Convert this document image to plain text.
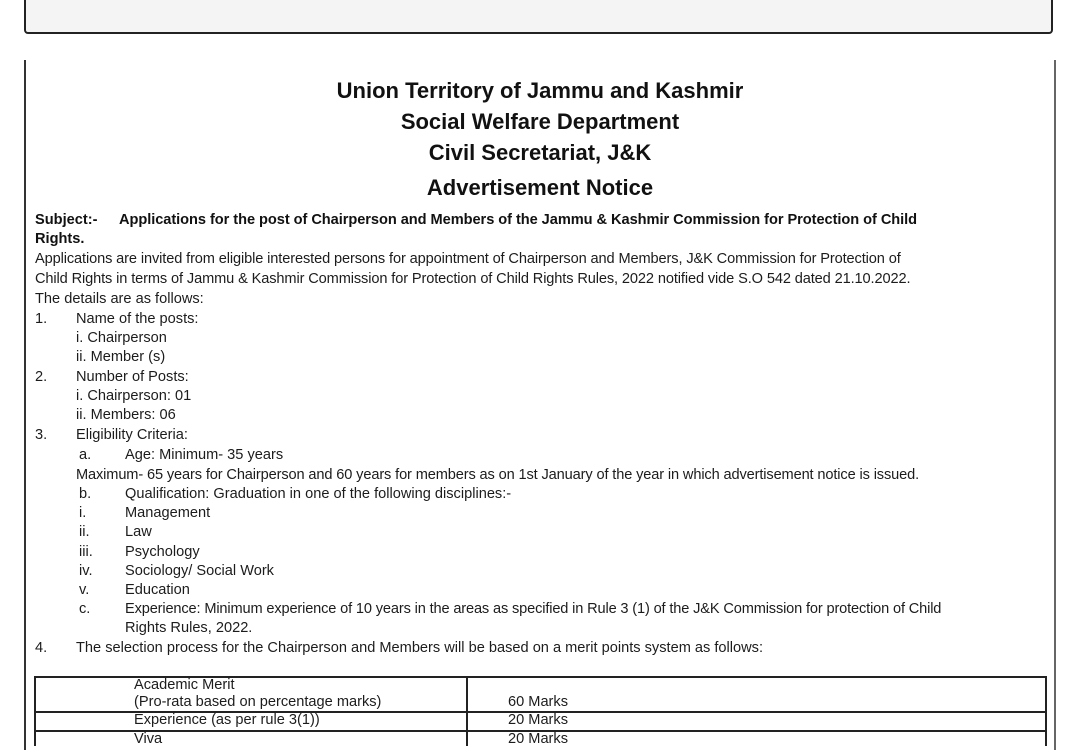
Union Territory of Jammu and Kashmir
Social Welfare Department
Civil Secretariat, J&K
Advertisement Notice
Subject:- Applications for the post of Chairperson and Members of the Jammu & Kashmir Commission for Protection of Child
Rights.
Applications are invited from eligible interested persons for appointment of Chairperson and Members, J&K Commission for Protection of
Child Rights in terms of Jammu & Kashmir Commission for Protection of Child Rights Rules, 2022 notified vide S.O 542 dated 21.10.2022.
The details are as follows:
1. Name of the posts:
i. Chairperson
ii. Member (s)
2. Number of Posts:
i. Chairperson: 01
ii. Members: 06
3. Eligibility Criteria:
a. Age: Minimum- 35 years
Maximum- 65 years for Chairperson and 60 years for members as on 1st January of the year in which advertisement notice is issued.
b. Qualification: Graduation in one of the following disciplines:-
i.	Management
ii. Law
iii. Psychology
iv. Sociology/ Social Work
v. Education
c. Experience: Minimum experience of 10 years in the areas as specified in Rule 3 (1) of the J&K Commission for protection of Child
Rights Rules, 2022.
4. The selection process for the Chairperson and Members will be based on a merit points system as follows:
Academic Merit
(Pro-rata based on percentage marks)	60 Marks
Experience (as per rule 3(1))	20 Marks
Viva	20 Marks
